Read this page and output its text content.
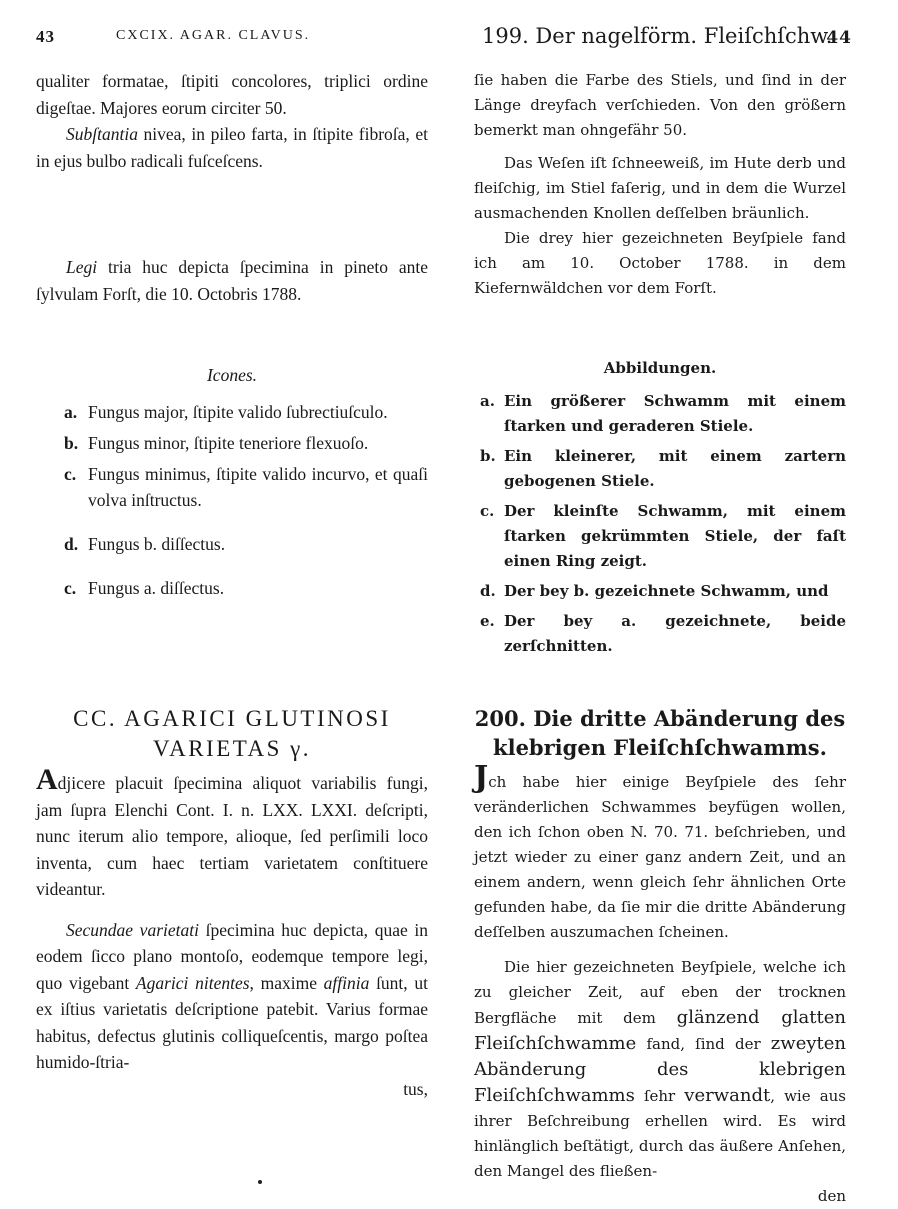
43	CXCIX. AGAR. CLAVUS.

qualiter formatae, ſtipiti concolores, triplici ordine digeſtae. Majores eorum circiter 50.

Subſtantia nivea, in pileo farta, in ſtipite fibroſa, et in ejus bulbo radicali fuſceſcens.

Legi tria huc depicta ſpecimina in pineto ante ſylvulam Forſt, die 10. Octobris 1788.

Icones.

a. Fungus major, ſtipite valido ſubrectiuſculo.
b. Fungus minor, ſtipite teneriore flexuoſo.
c. Fungus minimus, ſtipite valido incurvo, et quaſi volva inſtructus.
d. Fungus b. diſſectus.
c. Fungus a. diſſectus.
CC. AGARICI GLUTINOSI
VARIETAS γ.

Adjicere placuit ſpecimina aliquot variabilis fungi, jam ſupra Elenchi Cont. I. n. LXX. LXXI. deſcripti, nunc iterum alio tempore, alioque, ſed perſimili loco inventa, cum haec tertiam varietatem conſtituere videantur.

Secundae varietati ſpecimina huc depicta, quae in eodem ſicco plano montoſo, eodemque tempore legi, quo vigebant Agarici nitentes, maxime affinia ſunt, ut ex iſtius varietatis deſcriptione patebit. Varius formae habitus, defectus glutinis colliqueſcentis, margo poſtea humido-ſtria-

tus,

199. Der nagelförm. Fleiſchſchw.
44

ſie haben die Farbe des Stiels, und ſind in der Länge dreyfach verſchieden. Von den größern bemerkt man ohngefähr 50.

Das Weſen iſt ſchneeweiß, im Hute derb und fleiſchig, im Stiel faſerig, und in dem die Wurzel ausmachenden Knollen deſſelben bräunlich.

Die drey hier gezeichneten Beyſpiele fand ich am 10. October 1788. in dem Kiefernwäldchen vor dem Forſt.

Abbildungen.

a. Ein größerer Schwamm mit einem ſtarken und geraderen Stiele.
b. Ein kleinerer, mit einem zartern gebogenen Stiele.
c. Der kleinſte Schwamm, mit einem ſtarken gekrümmten Stiele, der faſt einen Ring zeigt.
d. Der bey b. gezeichnete Schwamm, und
e. Der bey a. gezeichnete, beide zerſchnitten.
200. Die dritte Abänderung des klebrigen Fleiſchſchwamms.

Jch habe hier einige Beyſpiele des ſehr veränderlichen Schwammes beyfügen wollen, den ich ſchon oben N. 70. 71. beſchrieben, und jetzt wieder zu einer ganz andern Zeit, und an einem andern, wenn gleich ſehr ähnlichen Orte gefunden habe, da ſie mir die dritte Abänderung deſſelben auszumachen ſcheinen.

Die hier gezeichneten Beyſpiele, welche ich zu gleicher Zeit, auf eben der trocknen Bergfläche mit dem glänzend glatten Fleiſchſchwamme fand, ſind der zweyten Abänderung des klebrigen Fleiſchſchwamms ſehr verwandt, wie aus ihrer Beſchreibung erhellen wird. Es wird hinlänglich beſtätigt, durch das äußere Anſehen, den Mangel des fließen-

den
